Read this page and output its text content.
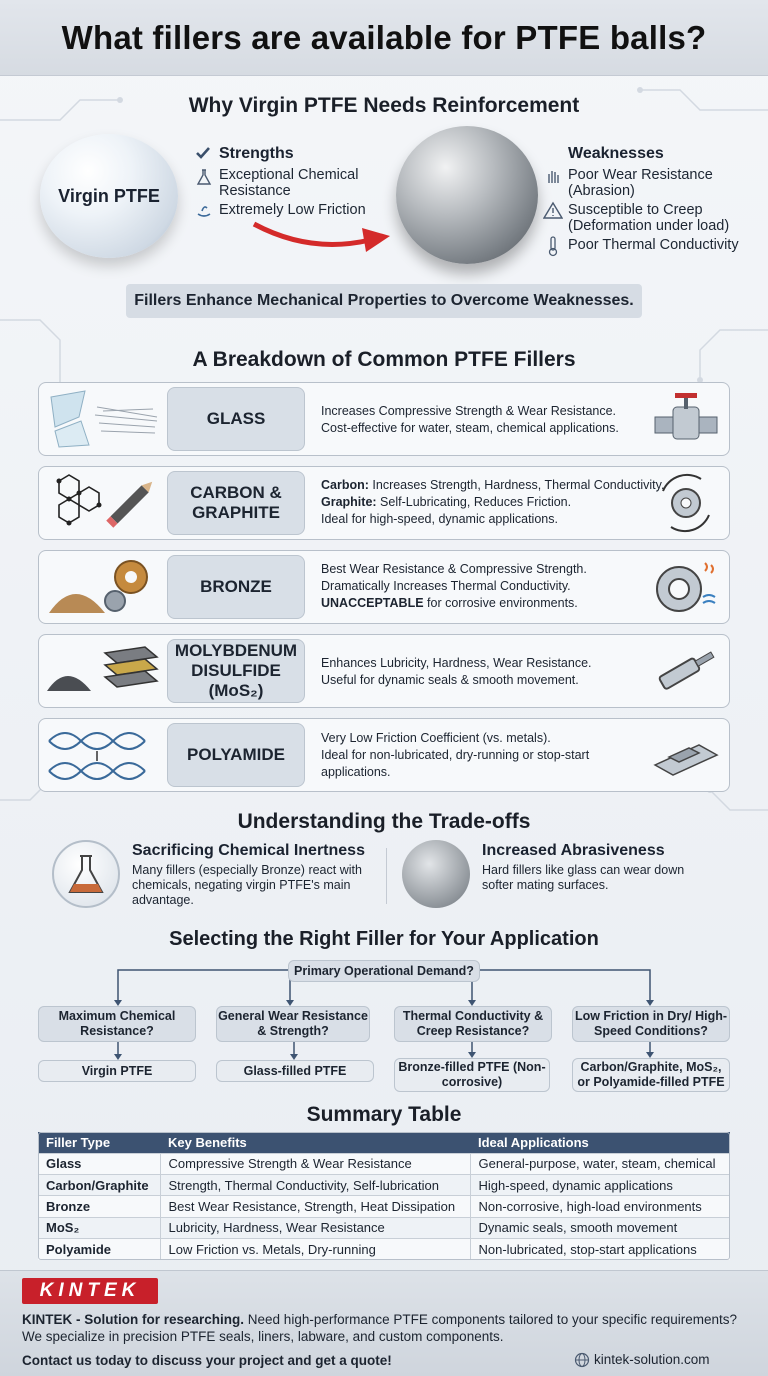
What fillers are available for PTFE balls?
Why Virgin PTFE Needs Reinforcement
Virgin PTFE
Strengths
Exceptional Chemical Resistance
Extremely Low Friction
Weaknesses
Poor Wear Resistance (Abrasion)
Susceptible to Creep (Deformation under load)
Poor Thermal Conductivity
Fillers Enhance Mechanical Properties to Overcome Weaknesses.
A Breakdown of Common PTFE Fillers
GLASS	Increases Compressive Strength & Wear Resistance.
Cost-effective for water, steam, chemical applications.
CARBON & GRAPHITE
Carbon: Increases Strength, Hardness, Thermal Conductivity.
Graphite: Self-Lubricating, Reduces Friction.
Ideal for high-speed, dynamic applications.
BRONZE
Best Wear Resistance & Compressive Strength.
Dramatically Increases Thermal Conductivity.
UNACCEPTABLE for corrosive environments.
MOLYBDENUM DISULFIDE (MoS₂)
Enhances Lubricity, Hardness, Wear Resistance.
Useful for dynamic seals & smooth movement.
POLYAMIDE
Very Low Friction Coefficient (vs. metals).
Ideal for non-lubricated, dry-running or stop-start
applications.
Understanding the Trade-offs
Sacrificing Chemical Inertness
Many fillers (especially Bronze) react with
chemicals, negating virgin PTFE's main
advantage.
Increased Abrasiveness
Hard fillers like glass can wear down
softer mating surfaces.
Selecting the Right Filler for Your Application
Primary Operational Demand?
Maximum Chemical Resistance?
General Wear Resistance & Strength?
Thermal Conductivity & Creep Resistance?
Low Friction in Dry/ High-Speed Conditions?
Virgin PTFE	Glass-filled PTFE	Bronze-filled PTFE (Non-corrosive)
Carbon/Graphite, MoS₂, or Polyamide-filled PTFE
Summary Table
Filler Type	Key Benefits	Ideal Applications
Glass	Compressive Strength & Wear Resistance	General-purpose, water, steam, chemical
Carbon/Graphite	Strength, Thermal Conductivity, Self-lubrication	High-speed, dynamic applications
Bronze	Best Wear Resistance, Strength, Heat Dissipation	Non-corrosive, high-load environments
MoS₂	Lubricity, Hardness, Wear Resistance	Dynamic seals, smooth movement
Polyamide	Low Friction vs. Metals, Dry-running	Non-lubricated, stop-start applications
KINTEK
KINTEK - Solution for researching. Need high-performance PTFE components tailored to your specific requirements?
We specialize in precision PTFE seals, liners, labware, and custom components.
Contact us today to discuss your project and get a quote!	kintek-solution.com
